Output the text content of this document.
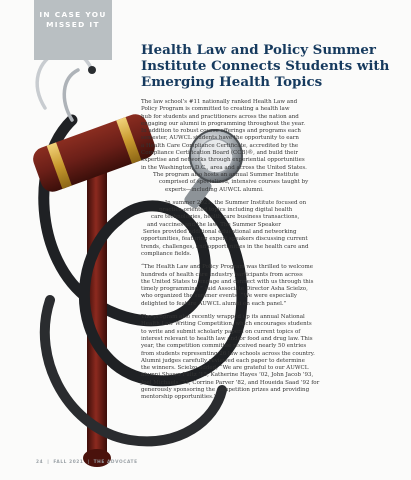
IN CASE YOU
MISSED IT
Health Law and Policy Summer
Institute Connects Students with
Emerging Health Topics

The law school’s #11 nationally ranked Health Law and
Policy Program is committed to creating a health law
hub for students and practitioners across the nation and
engaging our alumni in programming throughout the year.
In addition to robust course offerings and programs each
semester, AUWCL students have the opportunity to earn
a Health Care Compliance Certificate, accredited by the
Compliance Certification Board (CCB)®, and build their
expertise and networks through experiential opportunities
in the Washington, D.C., area and across the United States.
The program also hosts an annual Summer Institute
comprised of specialized, intensive courses taught by
experts—including AUWCL alumni.

In summer 2021, the Summer Institute focused on
practice-oriented topics including digital health
care technologies, health care business transactions,
and vaccines and the law. The Summer Speaker
Series provided additional educational and networking
opportunities, featuring expert speakers discussing current
trends, challenges, and opportunities in the health care and
compliance fields.

“The Health Law and Policy Program was thrilled to welcome
hundreds of health care industry participants from across
the United States to engage and connect with us through this
timely programming,” said Associate Director Asha Scielzo,
who organized the summer events. “We were especially
delighted to feature AUWCL alumni on each panel.”

The program also recently wrapped up its annual National
Health Law Writing Competition, which encourages students
to write and submit scholarly papers on current topics of
interest relevant to health law and/or food and drug law. This
year, the competition committee received nearly 50 entries
from students representing 26 law schools across the country.
Alumni judges carefully reviewed each paper to determine
the winners. Scielzo added, “We are grateful to our AUWCL
alumni Shawn Fultz ’15, Katherine Hayes ’02, John Jacob ’93,
Joel Michaels ’75, Corrine Parver ’82, and Houeida Saad ’92 for
generously sponsoring the competition prizes and providing
mentorship opportunities.”

24 | FALL 2021 | THE ADVOCATE
